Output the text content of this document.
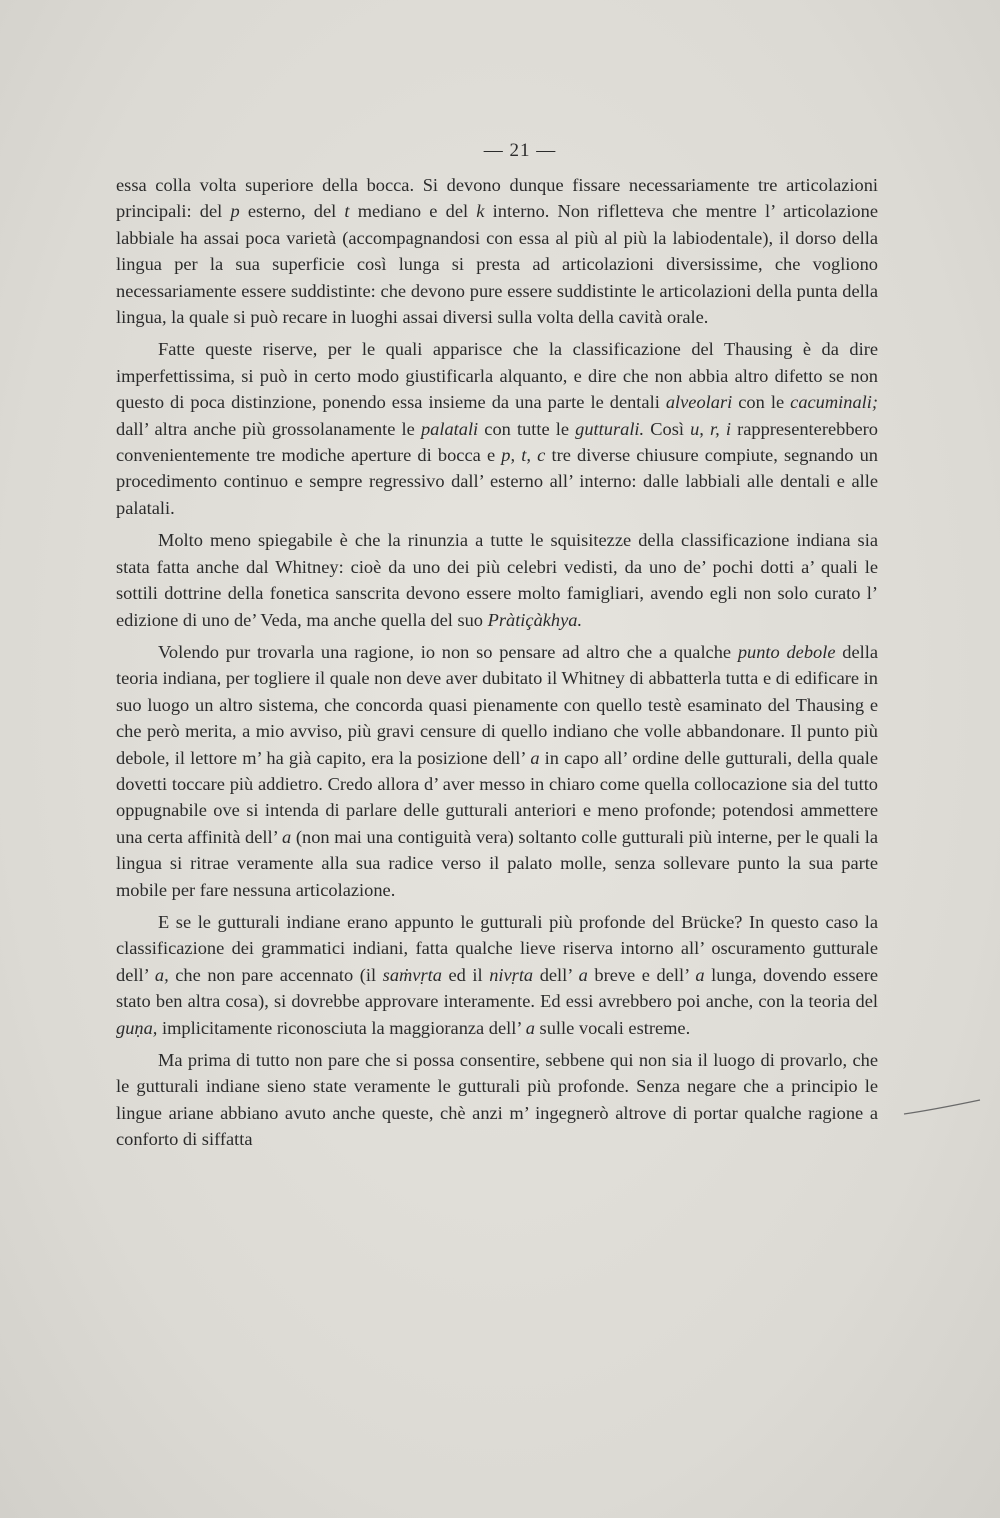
— 21 —

essa colla volta superiore della bocca. Si devono dunque fissare necessariamente tre articolazioni principali: del p esterno, del t mediano e del k interno. Non rifletteva che mentre l’ articolazione labbiale ha assai poca varietà (accompagnandosi con essa al più al più la labiodentale), il dorso della lingua per la sua superficie così lunga si presta ad articolazioni diversissime, che vogliono necessariamente essere suddistinte: che devono pure essere suddistinte le articolazioni della punta della lingua, la quale si può recare in luoghi assai diversi sulla volta della cavità orale.

Fatte queste riserve, per le quali apparisce che la classificazione del Thausing è da dire imperfettissima, si può in certo modo giustificarla alquanto, e dire che non abbia altro difetto se non questo di poca distinzione, ponendo essa insieme da una parte le dentali alveolari con le cacuminali; dall’ altra anche più grossolanamente le palatali con tutte le gutturali. Così u, r, i rappresenterebbero convenientemente tre modiche aperture di bocca e p, t, c tre diverse chiusure compiute, segnando un procedimento continuo e sempre regressivo dall’ esterno all’ interno: dalle labbiali alle dentali e alle palatali.

Molto meno spiegabile è che la rinunzia a tutte le squisitezze della classificazione indiana sia stata fatta anche dal Whitney: cioè da uno dei più celebri vedisti, da uno de’ pochi dotti a’ quali le sottili dottrine della fonetica sanscrita devono essere molto famigliari, avendo egli non solo curato l’ edizione di uno de’ Veda, ma anche quella del suo Pràtiçàkhya.

Volendo pur trovarla una ragione, io non so pensare ad altro che a qualche punto debole della teoria indiana, per togliere il quale non deve aver dubitato il Whitney di abbatterla tutta e di edificare in suo luogo un altro sistema, che concorda quasi pienamente con quello testè esaminato del Thausing e che però merita, a mio avviso, più gravi censure di quello indiano che volle abbandonare. Il punto più debole, il lettore m’ ha già capito, era la posizione dell’ a in capo all’ ordine delle gutturali, della quale dovetti toccare più addietro. Credo allora d’ aver messo in chiaro come quella collocazione sia del tutto oppugnabile ove si intenda di parlare delle gutturali anteriori e meno profonde; potendosi ammettere una certa affinità dell’ a (non mai una contiguità vera) soltanto colle gutturali più interne, per le quali la lingua si ritrae veramente alla sua radice verso il palato molle, senza sollevare punto la sua parte mobile per fare nessuna articolazione.

E se le gutturali indiane erano appunto le gutturali più profonde del Brücke? In questo caso la classificazione dei grammatici indiani, fatta qualche lieve riserva intorno all’ oscuramento gutturale dell’ a, che non pare accennato (il saṁvṛta ed il nivṛta dell’ a breve e dell’ a lunga, dovendo essere stato ben altra cosa), si dovrebbe approvare interamente. Ed essi avrebbero poi anche, con la teoria del guṇa, implicitamente riconosciuta la maggioranza dell’ a sulle vocali estreme.

Ma prima di tutto non pare che si possa consentire, sebbene qui non sia il luogo di provarlo, che le gutturali indiane sieno state veramente le gutturali più profonde. Senza negare che a principio le lingue ariane abbiano avuto anche queste, chè anzi m’ ingegnerò altrove di portar qualche ragione a conforto di siffatta
